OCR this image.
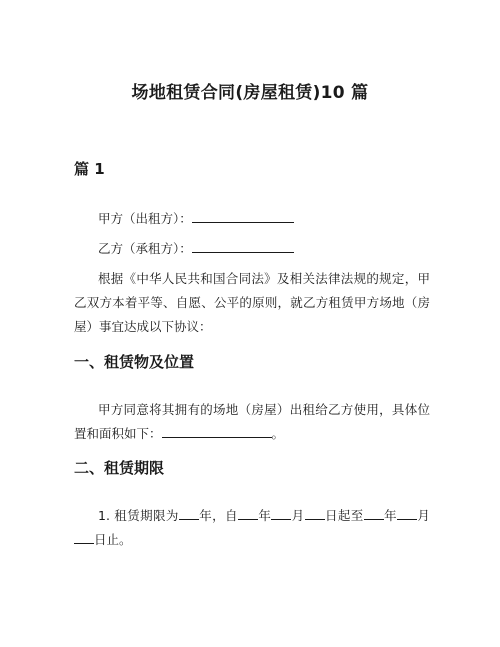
场地租赁合同(房屋租赁)10 篇
篇 1
甲方（出租方）：
乙方（承租方）：
根据《中华人民共和国合同法》及相关法律法规的规定，甲乙双方本着平等、自愿、公平的原则，就乙方租赁甲方场地（房屋）事宜达成以下协议：
一、租赁物及位置
甲方同意将其拥有的场地（房屋）出租给乙方使用，具体位置和面积如下：	。
二、租赁期限
1. 租赁期限为 年，自 年 月 日起至 年 月日止。
